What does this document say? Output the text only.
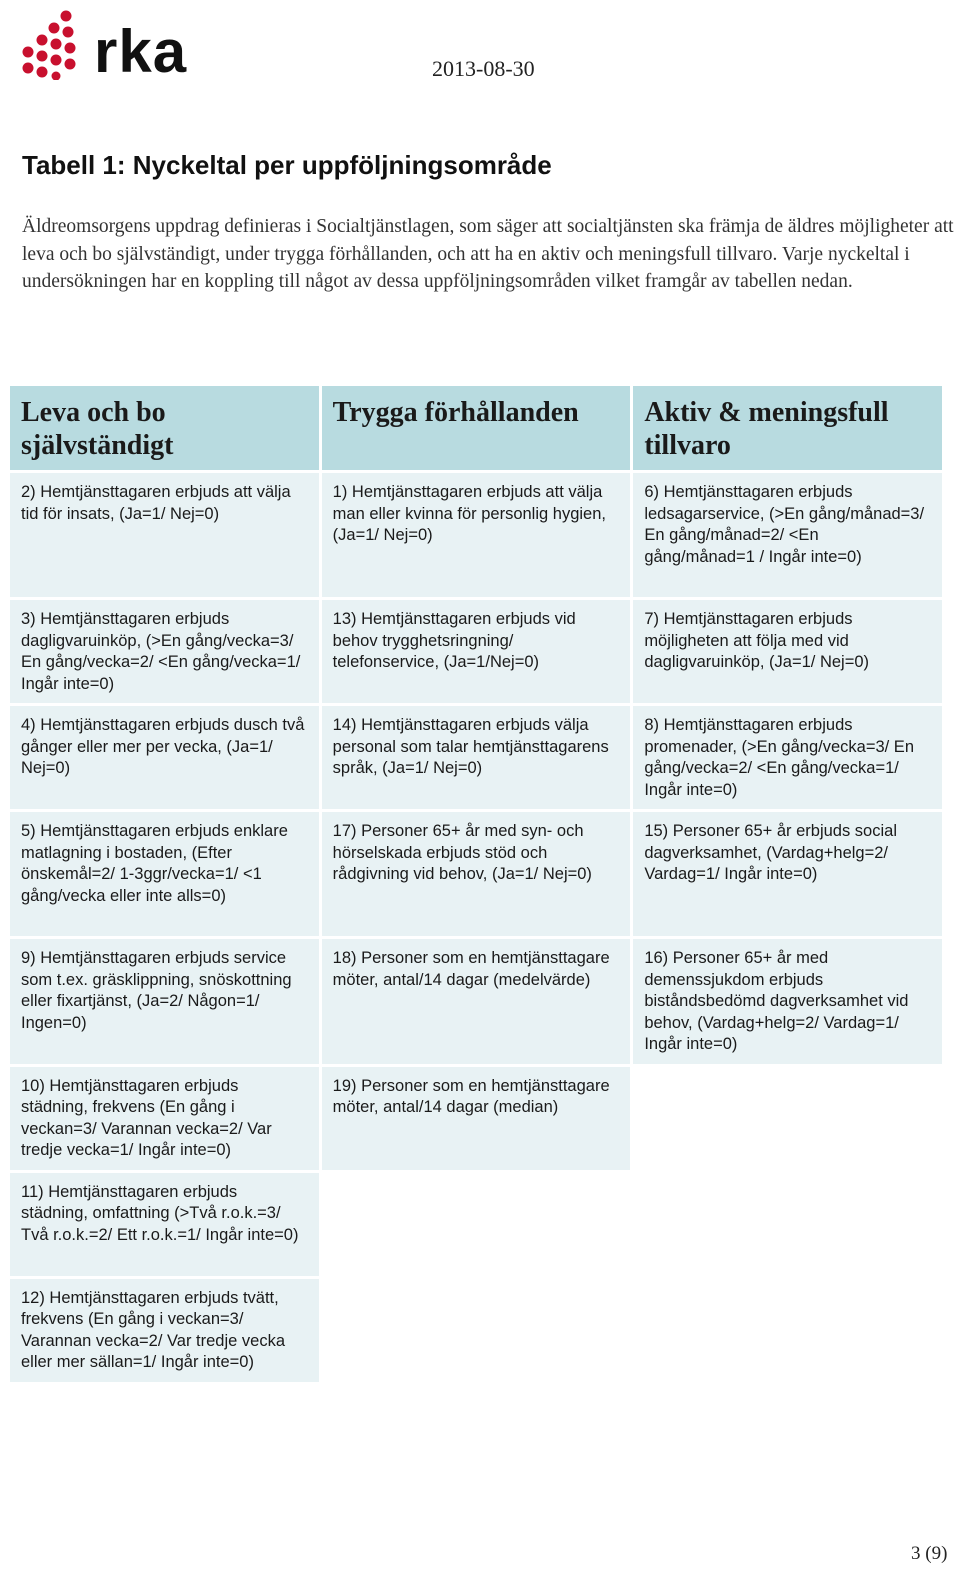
rka	2013-08-30
Tabell 1: Nyckeltal per uppföljningsområde

Äldreomsorgens uppdrag definieras i Socialtjänstlagen, som säger att socialtjänsten ska främja de äldres möjligheter att leva och bo självständigt, under trygga förhållanden, och att ha en aktiv och meningsfull tillvaro. Varje nyckeltal i undersökningen har en koppling till något av dessa uppföljningsområden vilket framgår av tabellen nedan.

Leva och bo självständigt	Trygga förhållanden	Aktiv & meningsfull tillvaro
2) Hemtjänsttagaren erbjuds att välja tid för insats, (Ja=1/ Nej=0)	1) Hemtjänsttagaren erbjuds att välja man eller kvinna för personlig hygien, (Ja=1/ Nej=0)	6) Hemtjänsttagaren erbjuds ledsagarservice, (>En gång/månad=3/ En gång/månad=2/ <En gång/månad=1 / Ingår inte=0)
3) Hemtjänsttagaren erbjuds dagligvaruinköp, (>En gång/vecka=3/ En gång/vecka=2/ <En gång/vecka=1/ Ingår inte=0)	13) Hemtjänsttagaren erbjuds vid behov trygghetsringning/ telefonservice, (Ja=1/Nej=0)	7) Hemtjänsttagaren erbjuds möjligheten att följa med vid dagligvaruinköp, (Ja=1/ Nej=0)
4) Hemtjänsttagaren erbjuds dusch två gånger eller mer per vecka, (Ja=1/ Nej=0)	14) Hemtjänsttagaren erbjuds välja personal som talar hemtjänsttagarens språk, (Ja=1/ Nej=0)	8) Hemtjänsttagaren erbjuds promenader, (>En gång/vecka=3/ En gång/vecka=2/ <En gång/vecka=1/ Ingår inte=0)
5) Hemtjänsttagaren erbjuds enklare matlagning i bostaden, (Efter önskemål=2/ 1-3ggr/vecka=1/ <1 gång/vecka eller inte alls=0)	17) Personer 65+ år med syn- och hörselskada erbjuds stöd och rådgivning vid behov, (Ja=1/ Nej=0)	15) Personer 65+ år erbjuds social dagverksamhet, (Vardag+helg=2/ Vardag=1/ Ingår inte=0)
9) Hemtjänsttagaren erbjuds service som t.ex. gräsklippning, snöskottning eller fixartjänst, (Ja=2/ Någon=1/ Ingen=0)	18) Personer som en hemtjänsttagare möter, antal/14 dagar (medelvärde)	16) Personer 65+ år med demenssjukdom erbjuds biståndsbedömd dagverksamhet vid behov, (Vardag+helg=2/ Vardag=1/ Ingår inte=0)
10) Hemtjänsttagaren erbjuds städning, frekvens (En gång i veckan=3/ Varannan vecka=2/ Var tredje vecka=1/ Ingår inte=0)	19) Personer som en hemtjänsttagare möter, antal/14 dagar (median)	
11) Hemtjänsttagaren erbjuds städning, omfattning (>Två r.o.k.=3/ Två r.o.k.=2/ Ett r.o.k.=1/ Ingår inte=0)		
12) Hemtjänsttagaren erbjuds tvätt, frekvens (En gång i veckan=3/ Varannan vecka=2/ Var tredje vecka eller mer sällan=1/ Ingår inte=0)		
3 (9)
